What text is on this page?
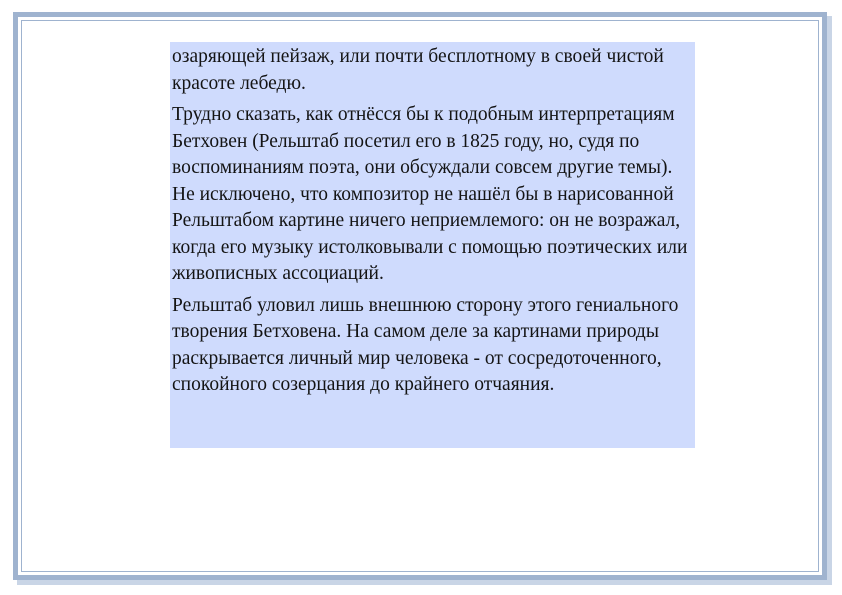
озаряющей пейзаж, или почти бесплотному в своей чистой красоте лебедю.

Трудно сказать, как отнёсся бы к подобным интерпретациям Бетховен (Рельштаб посетил его в 1825 году, но, судя по воспоминаниям поэта, они обсуждали совсем другие темы). Не исключено, что композитор не нашёл бы в нарисованной Рельштабом картине ничего неприемлемого: он не возражал, когда его музыку истолковывали с помощью поэтических или живописных ассоциаций.

Рельштаб уловил лишь внешнюю сторону этого гениального творения Бетховена. На самом деле за картинами природы раскрывается личный мир человека - от сосредоточенного, спокойного созерцания до крайнего отчаяния.
